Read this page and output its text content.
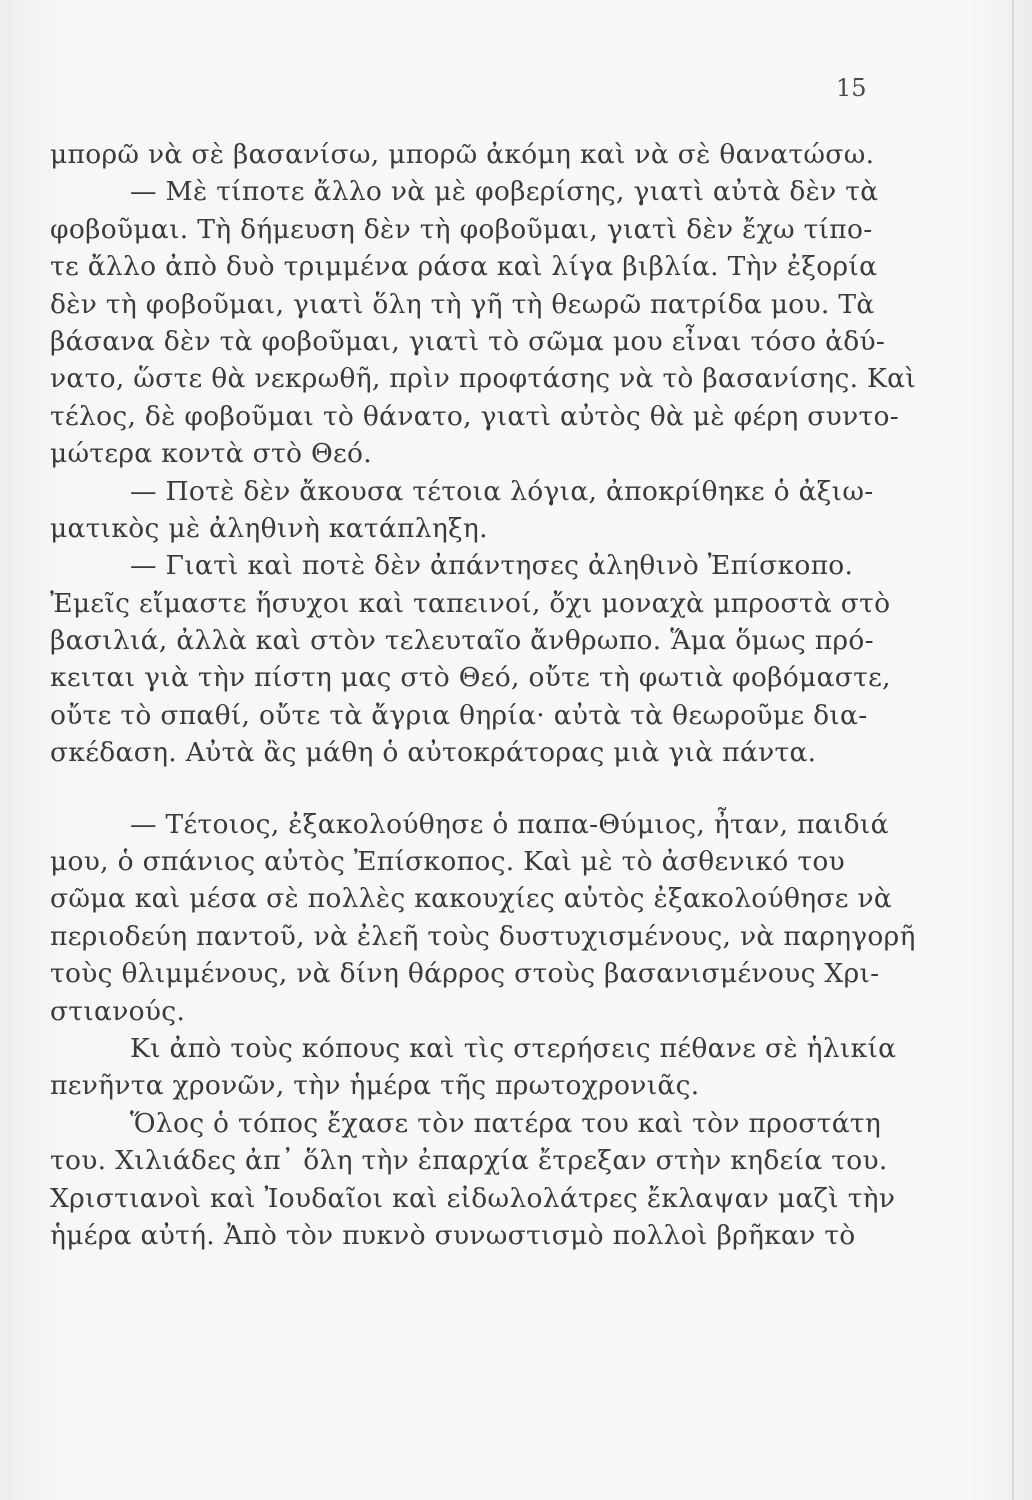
15
μπορῶ νὰ σὲ βασανίσω, μπορῶ ἀκόμη καὶ νὰ σὲ θανατώσω.
— Μὲ τίποτε ἄλλο νὰ μὲ φοβερίσης, γιατὶ αὐτὰ δὲν τὰ
φοβοῦμαι. Τὴ δήμευση δὲν τὴ φοβοῦμαι, γιατὶ δὲν ἔχω τίπο-
τε ἄλλο ἀπὸ δυὸ τριμμένα ράσα καὶ λίγα βιβλία. Τὴν ἐξορία
δὲν τὴ φοβοῦμαι, γιατὶ ὅλη τὴ γῆ τὴ θεωρῶ πατρίδα μου. Τὰ
βάσανα δὲν τὰ φοβοῦμαι, γιατὶ τὸ σῶμα μου εἶναι τόσο ἀδύ-
νατο, ὥστε θὰ νεκρωθῆ, πρὶν προφτάσης νὰ τὸ βασανίσης. Καὶ
τέλος, δὲ φοβοῦμαι τὸ θάνατο, γιατὶ αὐτὸς θὰ μὲ φέρη συντο-
μώτερα κοντὰ στὸ Θεό.
— Ποτὲ δὲν ἄκουσα τέτοια λόγια, ἀποκρίθηκε ὁ ἀξιω-
ματικὸς μὲ ἀληθινὴ κατάπληξη.
— Γιατὶ καὶ ποτὲ δὲν ἀπάντησες ἀληθινὸ Ἐπίσκοπο.
Ἐμεῖς εἴμαστε ἥσυχοι καὶ ταπεινοί, ὄχι μοναχὰ μπροστὰ στὸ
βασιλιά, ἀλλὰ καὶ στὸν τελευταῖο ἄνθρωπο. Ἅμα ὅμως πρό-
κειται γιὰ τὴν πίστη μας στὸ Θεό, οὔτε τὴ φωτιὰ φοβόμαστε,
οὔτε τὸ σπαθί, οὔτε τὰ ἄγρια θηρία· αὐτὰ τὰ θεωροῦμε δια-
σκέδαση. Αὐτὰ ἂς μάθη ὁ αὐτοκράτορας μιὰ γιὰ πάντα.
— Τέτοιος, ἐξακολούθησε ὁ παπα-Θύμιος, ἦταν, παιδιά
μου, ὁ σπάνιος αὐτὸς Ἐπίσκοπος. Καὶ μὲ τὸ ἀσθενικό του
σῶμα καὶ μέσα σὲ πολλὲς κακουχίες αὐτὸς ἐξακολούθησε νὰ
περιοδεύη παντοῦ, νὰ ἐλεῆ τοὺς δυστυχισμένους, νὰ παρηγορῆ
τοὺς θλιμμένους, νὰ δίνη θάρρος στοὺς βασανισμένους Χρι-
στιανούς.
Κι ἀπὸ τοὺς κόπους καὶ τὶς στερήσεις πέθανε σὲ ἡλικία
πενῆντα χρονῶν, τὴν ἡμέρα τῆς πρωτοχρονιᾶς.
Ὅλος ὁ τόπος ἔχασε τὸν πατέρα του καὶ τὸν προστάτη
του. Χιλιάδες ἀπ᾽ ὅλη τὴν ἐπαρχία ἔτρεξαν στὴν κηδεία του.
Χριστιανοὶ καὶ Ἰουδαῖοι καὶ εἰδωλολάτρες ἔκλαψαν μαζὶ τὴν
ἡμέρα αὐτή. Ἀπὸ τὸν πυκνὸ συνωστισμὸ πολλοὶ βρῆκαν τὸ
